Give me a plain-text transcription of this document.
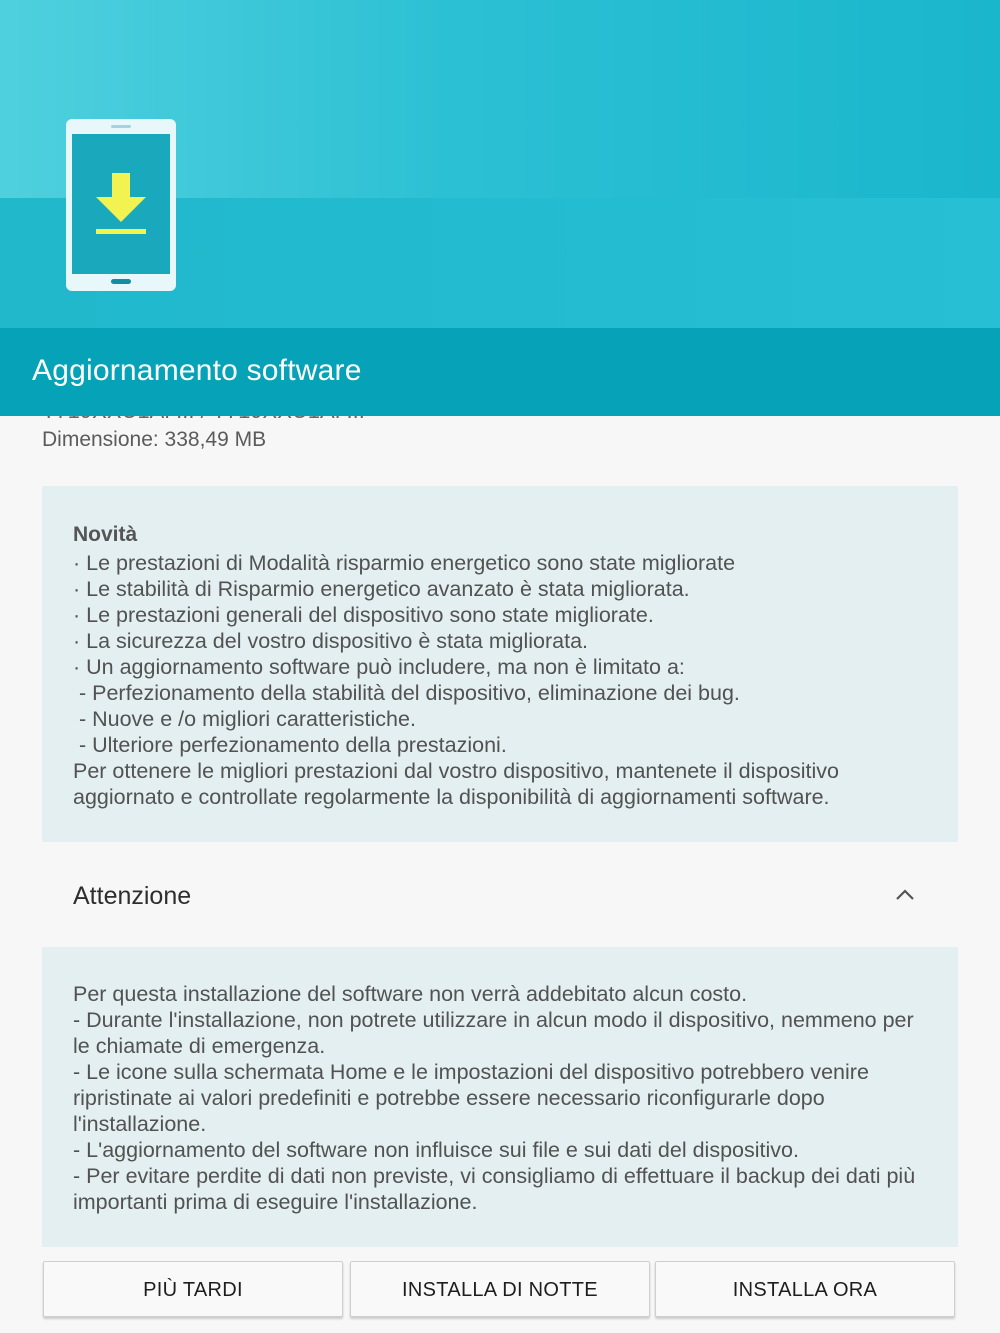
Aggiornamento software
Dimensione: 338,49 MB
Novità
· Le prestazioni di Modalità risparmio energetico sono state migliorate
· Le stabilità di Risparmio energetico avanzato è stata migliorata.
· Le prestazioni generali del dispositivo sono state migliorate.
· La sicurezza del vostro dispositivo è stata migliorata.
· Un aggiornamento software può includere, ma non è limitato a:
- Perfezionamento della stabilità del dispositivo, eliminazione dei bug.
- Nuove e /o migliori caratteristiche.
- Ulteriore perfezionamento della prestazioni.
Per ottenere le migliori prestazioni dal vostro dispositivo, mantenete il dispositivo aggiornato e controllate regolarmente la disponibilità di aggiornamenti software.
Attenzione
Per questa installazione del software non verrà addebitato alcun costo.
- Durante l'installazione, non potrete utilizzare in alcun modo il dispositivo, nemmeno per le chiamate di emergenza.
- Le icone sulla schermata Home e le impostazioni del dispositivo potrebbero venire ripristinate ai valori predefiniti e potrebbe essere necessario riconfigurarle dopo l'installazione.
- L'aggiornamento del software non influisce sui file e sui dati del dispositivo.
- Per evitare perdite di dati non previste, vi consigliamo di effettuare il backup dei dati più importanti prima di eseguire l'installazione.
PIÙ TARDI	INSTALLA DI NOTTE	INSTALLA ORA
